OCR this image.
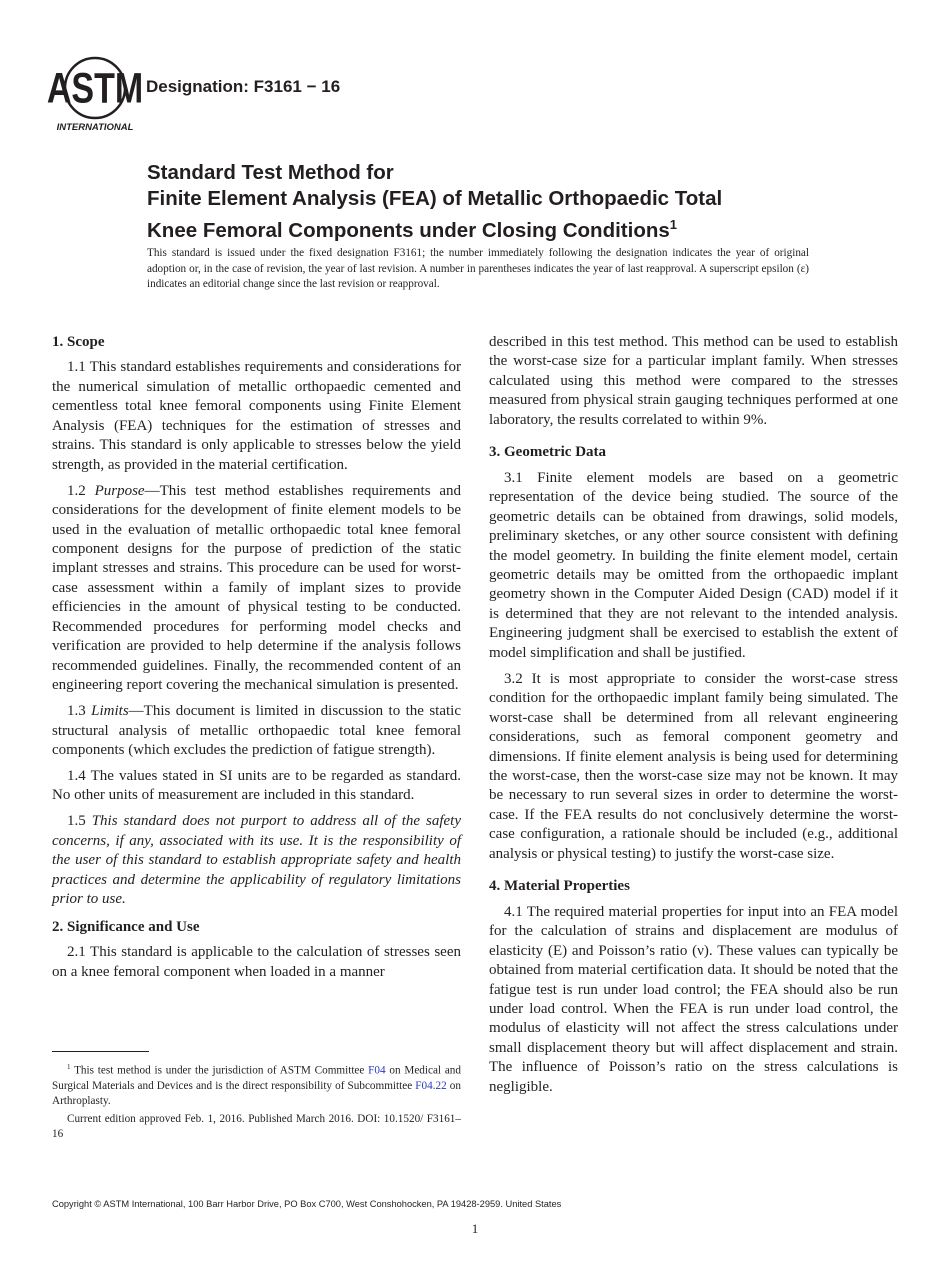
ASTM
INTERNATIONAL
Designation: F3161 − 16
Standard Test Method for
Finite Element Analysis (FEA) of Metallic Orthopaedic Total
Knee Femoral Components under Closing Conditions$^1$
This standard is issued under the fixed designation F3161; the number immediately following the designation indicates the year of original adoption or, in the case of revision, the year of last revision. A number in parentheses indicates the year of last reapproval. A superscript epsilon (ε) indicates an editorial change since the last revision or reapproval.
1. Scope

1.1 This standard establishes requirements and considerations for the numerical simulation of metallic orthopaedic cemented and cementless total knee femoral components using Finite Element Analysis (FEA) techniques for the estimation of stresses and strains. This standard is only applicable to stresses below the yield strength, as provided in the material certification.

1.2 Purpose—This test method establishes requirements and considerations for the development of finite element models to be used in the evaluation of metallic orthopaedic total knee femoral component designs for the purpose of prediction of the static implant stresses and strains. This procedure can be used for worst-case assessment within a family of implant sizes to provide efficiencies in the amount of physical testing to be conducted. Recommended procedures for performing model checks and verification are provided to help determine if the analysis follows recommended guidelines. Finally, the recommended content of an engineering report covering the mechanical simulation is presented.

1.3 Limits—This document is limited in discussion to the static structural analysis of metallic orthopaedic total knee femoral components (which excludes the prediction of fatigue strength).

1.4 The values stated in SI units are to be regarded as standard. No other units of measurement are included in this standard.

1.5 This standard does not purport to address all of the safety concerns, if any, associated with its use. It is the responsibility of the user of this standard to establish appropriate safety and health practices and determine the applicability of regulatory limitations prior to use.

2. Significance and Use

2.1 This standard is applicable to the calculation of stresses seen on a knee femoral component when loaded in a manner

described in this test method. This method can be used to establish the worst-case size for a particular implant family. When stresses calculated using this method were compared to the stresses measured from physical strain gauging techniques performed at one laboratory, the results correlated to within 9%.

3. Geometric Data

3.1 Finite element models are based on a geometric representation of the device being studied. The source of the geometric details can be obtained from drawings, solid models, preliminary sketches, or any other source consistent with defining the model geometry. In building the finite element model, certain geometric details may be omitted from the orthopaedic implant geometry shown in the Computer Aided Design (CAD) model if it is determined that they are not relevant to the intended analysis. Engineering judgment shall be exercised to establish the extent of model simplification and shall be justified.

3.2 It is most appropriate to consider the worst-case stress condition for the orthopaedic implant family being simulated. The worst-case shall be determined from all relevant engineering considerations, such as femoral component geometry and dimensions. If finite element analysis is being used for determining the worst-case, then the worst-case size may not be known. It may be necessary to run several sizes in order to determine the worst-case. If the FEA results do not conclusively determine the worst-case configuration, a rationale should be included (e.g., additional analysis or physical testing) to justify the worst-case size.

4. Material Properties

4.1 The required material properties for input into an FEA model for the calculation of strains and displacement are modulus of elasticity (E) and Poisson’s ratio (ν). These values can typically be obtained from material certification data. It should be noted that the fatigue test is run under load control; the FEA should also be run under load control. When the FEA is run under load control, the modulus of elasticity will not affect the stress calculations under small displacement theory but will affect displacement and strain. The influence of Poisson’s ratio on the stress calculations is negligible.

$^1$ This test method is under the jurisdiction of ASTM Committee F04 on Medical and Surgical Materials and Devices and is the direct responsibility of Subcommittee F04.22 on Arthroplasty.

Current edition approved Feb. 1, 2016. Published March 2016. DOI: 10.1520/ F3161–16

Copyright © ASTM International, 100 Barr Harbor Drive, PO Box C700, West Conshohocken, PA 19428-2959. United States
1
